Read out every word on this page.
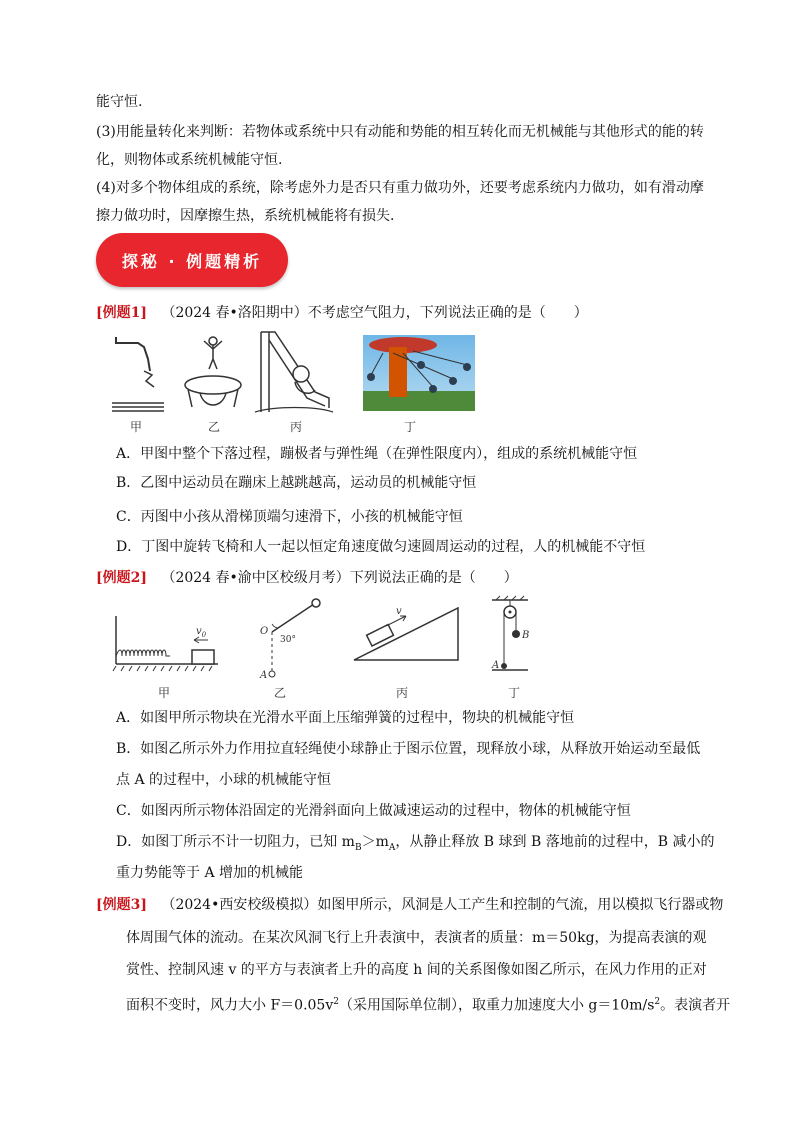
能守恒.
(3)用能量转化来判断：若物体或系统中只有动能和势能的相互转化而无机械能与其他形式的能的转
化，则物体或系统机械能守恒.
(4)对多个物体组成的系统，除考虑外力是否只有重力做功外，还要考虑系统内力做功，如有滑动摩
擦力做功时，因摩擦生热，系统机械能将有损失.
探秘 · 例题精析
[例题1] （2024 春•洛阳期中）不考虑空气阻力，下列说法正确的是（　　）
甲	乙	丙	丁
A．甲图中整个下落过程，蹦极者与弹性绳（在弹性限度内），组成的系统机械能守恒
B．乙图中运动员在蹦床上越跳越高，运动员的机械能守恒
C．丙图中小孩从滑梯顶端匀速滑下，小孩的机械能守恒
D．丁图中旋转飞椅和人一起以恒定角速度做匀速圆周运动的过程，人的机械能不守恒
[例题2] （2024 春•渝中区校级月考）下列说法正确的是（　　）
$v_0$
甲
O
30°
A
乙
v
丙
B
A
丁
A．如图甲所示物块在光滑水平面上压缩弹簧的过程中，物块的机械能守恒
B．如图乙所示外力作用拉直轻绳使小球静止于图示位置，现释放小球，从释放开始运动至最低
点 A 的过程中，小球的机械能守恒
C．如图丙所示物体沿固定的光滑斜面向上做减速运动的过程中，物体的机械能守恒
D．如图丁所示不计一切阻力，已知 $m_B>m_A$，从静止释放 B 球到 B 落地前的过程中，B 减小的
重力势能等于 A 增加的机械能
[例题3] （2024•西安校级模拟）如图甲所示，风洞是人工产生和控制的气流，用以模拟飞行器或物
体周围气体的流动。在某次风洞飞行上升表演中，表演者的质量：m＝50kg，为提高表演的观
赏性、控制风速 v 的平方与表演者上升的高度 h 间的关系图像如图乙所示，在风力作用的正对
面积不变时，风力大小 $F=0.05v^2$（采用国际单位制），取重力加速度大小 $g=10m/s^2$。表演者开
